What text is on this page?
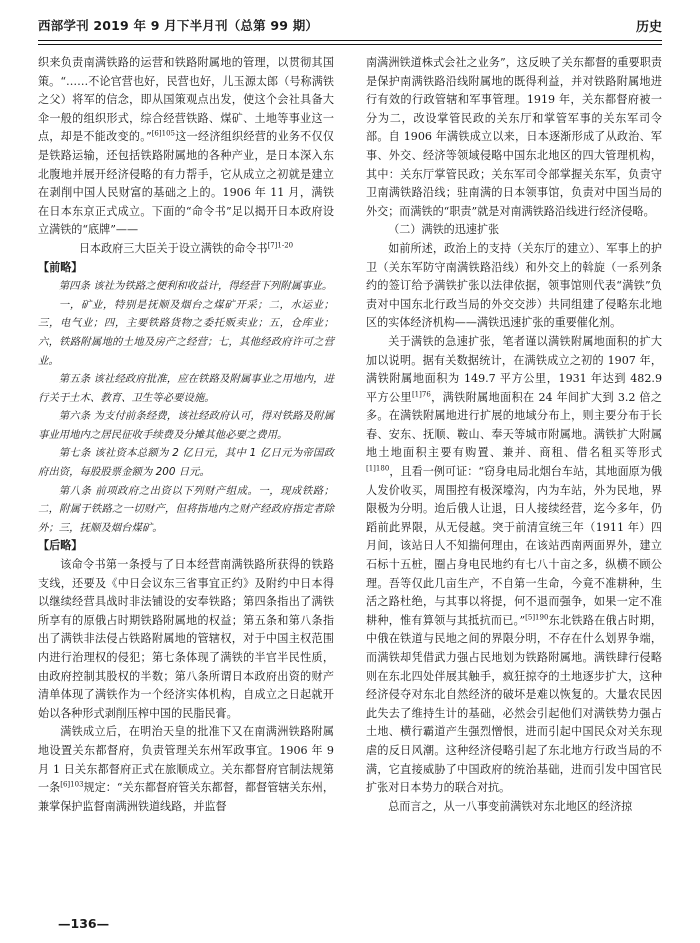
西部学刊 2019 年 9 月下半月刊（总第 99 期）	历史

织来负责南满铁路的运营和铁路附属地的管理，以贯彻其国策。“……不论官营也好，民营也好，儿玉源太郎（号称满铁之父）将军的信念，即从国策观点出发，使这个会社具备大伞一般的组织形式，综合经营铁路、煤矿、土地等事业这一点，却是不能改变的。”$^{[6]105}$这一经济组织经营的业务不仅仅是铁路运输，还包括铁路附属地的各种产业，是日本深入东北腹地并展开经济侵略的有力帮手，它从成立之初就是建立在剥削中国人民财富的基础之上的。1906 年 11 月，满铁在日本东京正式成立。下面的“命令书”足以揭开日本政府设立满铁的“底牌”——

日本政府三大臣关于设立满铁的命令书$^{[7]1-20}$

【前略】

第四条 该社为铁路之便利和收益计，得经营下列附属事业。

一，矿业，特别是抚顺及烟台之煤矿开采；二，水运业；三，电气业；四，主要铁路货物之委托贩卖业；五，仓库业；六，铁路附属地的土地及房产之经营；七，其他经政府许可之营业。

第五条 该社经政府批准，应在铁路及附属事业之用地内，进行关于土木、教育、卫生等必要设施。

第六条 为支付前条经费，该社经政府认可，得对铁路及附属事业用地内之居民征收手续费及分摊其他必要之费用。

第七条 该社资本总额为 2 亿日元，其中 1 亿日元为帝国政府出资，每股股票金额为 200 日元。

第八条 前项政府之出资以下列财产组成。一，现成铁路；二，附属于铁路之一切财产，但将指地内之财产经政府指定者除外；三，抚顺及烟台煤矿。

【后略】

该命令书第一条授与了日本经营南满铁路所获得的铁路支线，还要及《中日会议东三省事宜正约》及附约中日本得以继续经营具战时非法铺设的安奉铁路；第四条指出了满铁所享有的原俄占时期铁路附属地的权益；第五条和第八条指出了满铁非法侵占铁路附属地的管辖权，对于中国主权范围内进行治理权的侵犯；第七条体现了满铁的半官半民性质，由政府控制其股权的半数；第八条所谓日本政府出资的财产清单体现了满铁作为一个经济实体机构，自成立之日起就开始以各种形式剥削压榨中国的民脂民膏。

满铁成立后，在明治天皇的批准下又在南满洲铁路附属地设置关东都督府，负责管理关东州军政事宜。1906 年 9 月 1 日关东都督府正式在旅顺成立。关东都督府官制法规第一条$^{[6]103}$规定：“关东都督府管关东都督，都督管辖关东州，兼掌保护监督南满洲铁道线路，并监督

南满洲铁道株式会社之业务”，这反映了关东都督的重要职责是保护南满铁路沿线附属地的既得利益，并对铁路附属地进行有效的行政管辖和军事管理。1919 年，关东都督府被一分为二，改设掌管民政的关东厅和掌管军事的关东军司令部。自 1906 年满铁成立以来，日本逐渐形成了从政治、军事、外交、经济等领域侵略中国东北地区的四大管理机构，其中：关东厅掌管民政；关东军司令部掌握关东军，负责守卫南满铁路沿线；驻南满的日本领事馆，负责对中国当局的外交；而满铁的“职责”就是对南满铁路沿线进行经济侵略。

（二）满铁的迅速扩张

如前所述，政治上的支持（关东厅的建立）、军事上的护卫（关东军防守南满铁路沿线）和外交上的斡旋（一系列条约的签订给予满铁扩张以法律依据，领事馆则代表“满铁”负责对中国东北行政当局的外交交涉）共同组建了侵略东北地区的实体经济机构——满铁迅速扩张的重要催化剂。

关于满铁的急速扩张，笔者谨以满铁附属地面积的扩大加以说明。据有关数据统计，在满铁成立之初的 1907 年，满铁附属地面积为 149.7 平方公里，1931 年达到 482.9 平方公里$^{[1]76}$，满铁附属地面积在 24 年间扩大到 3.2 倍之多。在满铁附属地进行扩展的地域分布上，则主要分布于长春、安东、抚顺、鞍山、奉天等城市附属地。满铁扩大附属地土地面积主要有购置、兼并、商租、借名租买等形式$^{[1]180}$，且看一例可证：“窃身电局北烟台车站，其地面原为俄人发价收买，周围控有极深壕沟，内为车站，外为民地，界限极为分明。迨后俄人让退，日人接续经营，迄今多年，仍蹈前此界限，从无侵越。突于前清宣统三年（1911 年）四月间，该站日人不知揣何理由，在该站西南两面界外，建立石标十五桩，圈占身电民地约有七八十亩之多，纵横不顾公理。吾等仅此几亩生产，不自第一生命，今竟不准耕种，生活之路杜绝，与其事以将提，何不退而强争，如果一定不准耕种，惟有算领与其抵抗而已。”$^{[5]190}$东北铁路在俄占时期，中俄在铁道与民地之间的界限分明，不存在什么划界争端，而满铁却凭借武力强占民地划为铁路附属地。满铁肆行侵略则在东北四处伴展其触手，疯狂掠夺的土地逐步扩大，这种经济侵夺对东北自然经济的破坏是难以恢复的。大量农民因此失去了维持生计的基础，必然会引起他们对满铁势力强占土地、横行霸道产生强烈憎恨，进而引起中国民众对关东现虐的反日风潮。这种经济侵略引起了东北地方行政当局的不满，它直接威胁了中国政府的统治基础，进而引发中国官民扩张对日本势力的联合对抗。

总而言之，从一八事变前满铁对东北地区的经济掠

—136—
